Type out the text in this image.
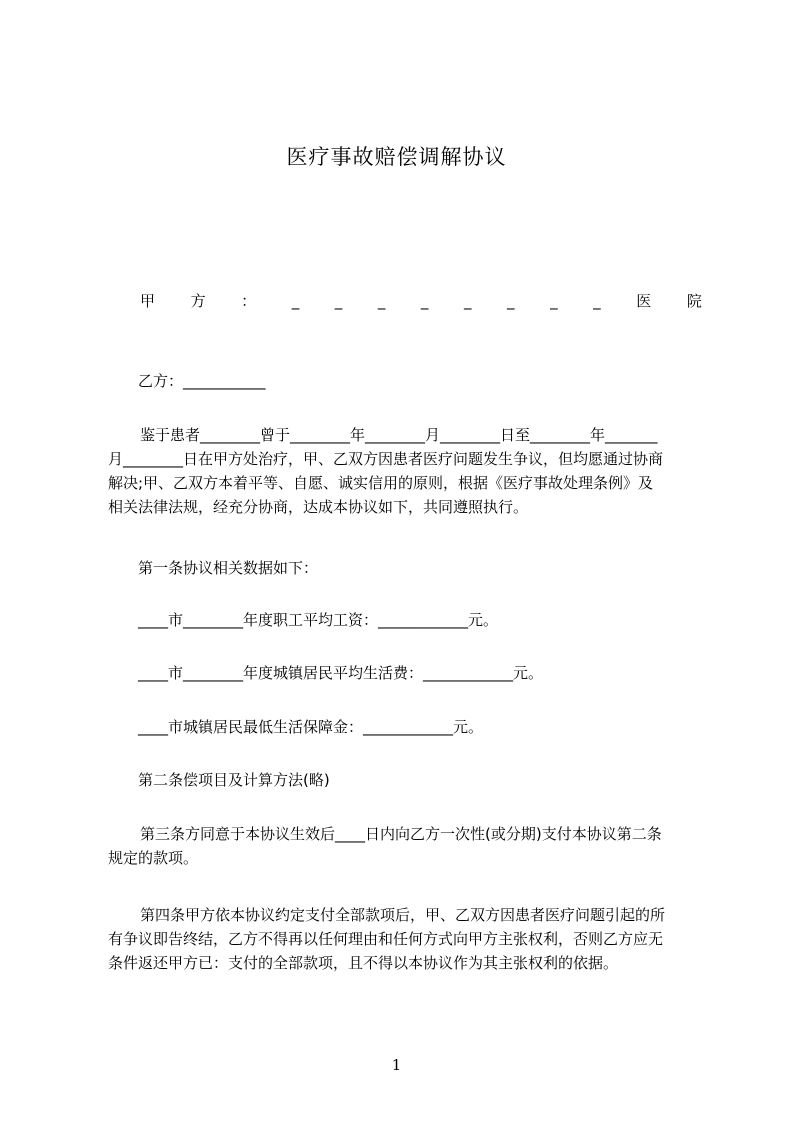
医疗事故赔偿调解协议
甲 方 ： _ _ _ _ _ _ _ _ 医 院
乙方：___________
鉴于患者________曾于________年________月________日至________年_______
月________日在甲方处治疗，甲、乙双方因患者医疗问题发生争议，但均愿通过协商
解决;甲、乙双方本着平等、自愿、诚实信用的原则，根据《医疗事故处理条例》及
相关法律法规，经充分协商，达成本协议如下，共同遵照执行。
第一条协议相关数据如下：
____市________年度职工平均工资：____________元。
____市________年度城镇居民平均生活费：____________元。
____市城镇居民最低生活保障金：____________元。
第二条偿项目及计算方法(略)
第三条方同意于本协议生效后____日内向乙方一次性(或分期)支付本协议第二条
规定的款项。
第四条甲方依本协议约定支付全部款项后，甲、乙双方因患者医疗问题引起的所
有争议即告终结，乙方不得再以任何理由和任何方式向甲方主张权利，否则乙方应无
条件返还甲方已：支付的全部款项，且不得以本协议作为其主张权利的依据。
1
